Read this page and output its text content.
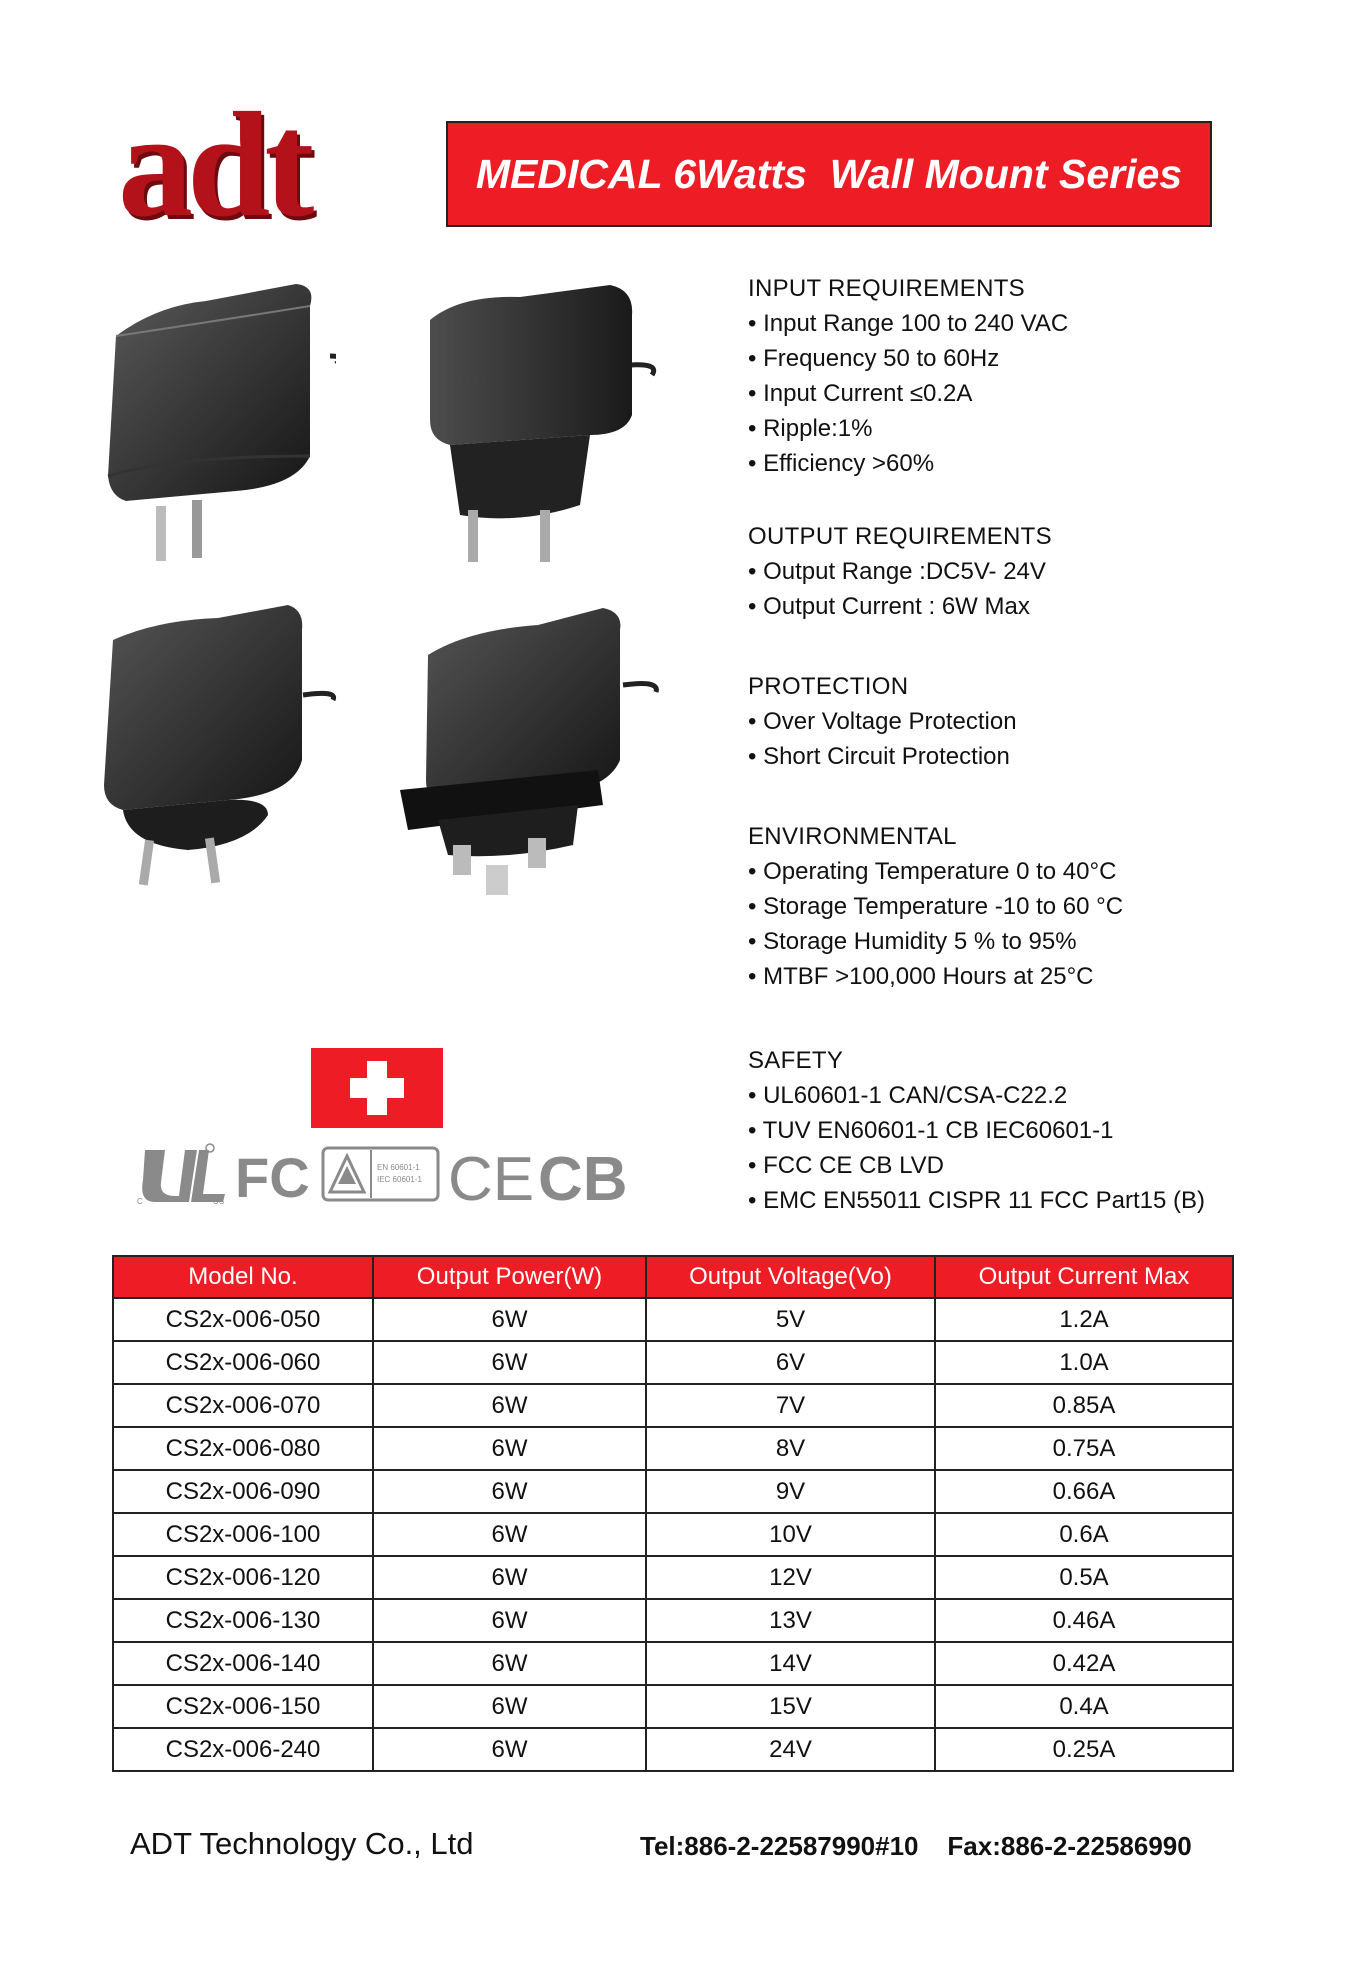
adt	MEDICAL 6Watts  Wall Mount Series
INPUT REQUIREMENTS
• Input Range 100 to 240 VAC
• Frequency 50 to 60Hz
• Input Current ≤0.2A
• Ripple:1%
• Efficiency >60%
OUTPUT REQUIREMENTS
• Output Range :DC5V- 24V
• Output Current : 6W Max
PROTECTION
• Over Voltage Protection
• Short Circuit Protection
ENVIRONMENTAL
• Operating Temperature 0 to 40°C
• Storage Temperature -10 to 60 °C
• Storage Humidity 5 % to 95%
• MTBF >100,000 Hours at 25°C
SAFETY
• UL60601-1 CAN/CSA-C22.2
• TUV EN60601-1 CB IEC60601-1
• FCC CE CB LVD
• EMC EN55011 CISPR 11 FCC Part15 (B)
C	US FC	EN 60601-1
IEC 60601-1 CE CB
Model No.	Output Power(W)	Output Voltage(Vo)	Output Current Max
CS2x-006-050	6W	5V	1.2A
CS2x-006-060	6W	6V	1.0A
CS2x-006-070	6W	7V	0.85A
CS2x-006-080	6W	8V	0.75A
CS2x-006-090	6W	9V	0.66A
CS2x-006-100	6W	10V	0.6A
CS2x-006-120	6W	12V	0.5A
CS2x-006-130	6W	13V	0.46A
CS2x-006-140	6W	14V	0.42A
CS2x-006-150	6W	15V	0.4A
CS2x-006-240	6W	24V	0.25A
ADT Technology Co., Ltd	Tel:886-2-22587990#10    Fax:886-2-22586990
